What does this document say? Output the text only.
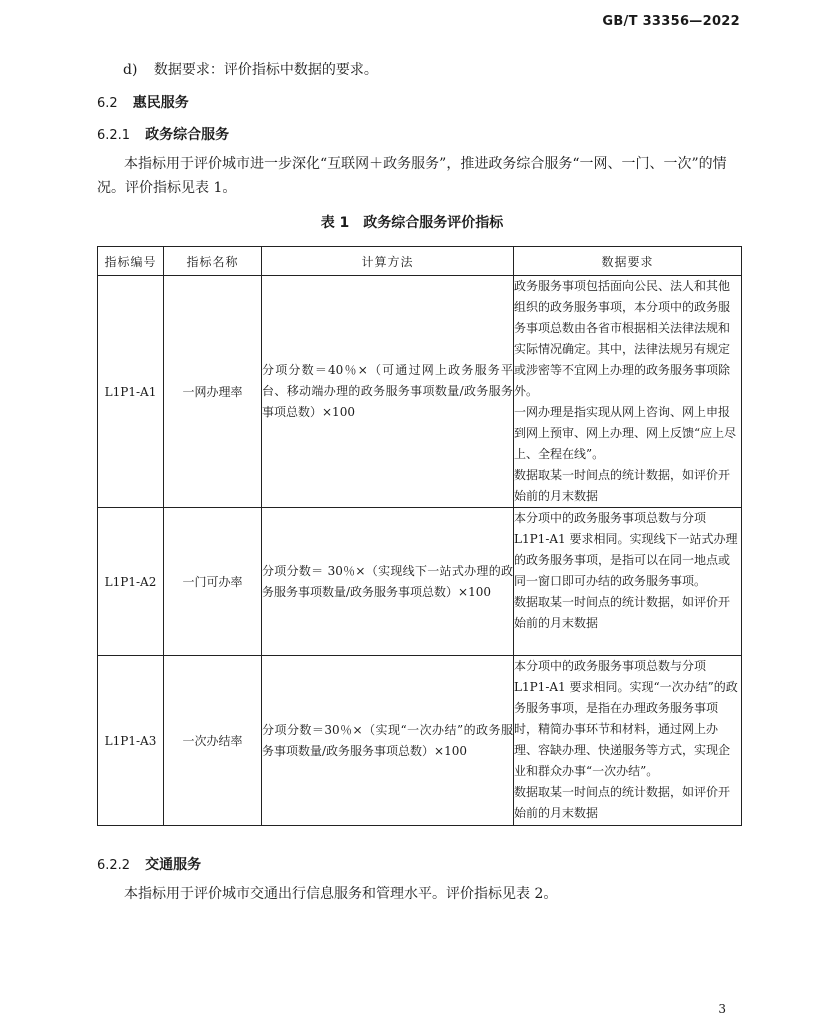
GB/T 33356—2022
d) 数据要求：评价指标中数据的要求。
6.2 惠民服务
6.2.1 政务综合服务
本指标用于评价城市进一步深化“互联网＋政务服务”，推进政务综合服务“一网、一门、一次”的情
况。评价指标见表 1。
表 1　政务综合服务评价指标
指标编号	指标名称	计算方法	数据要求
L1P1-A1	一网办理率	分项分数＝40％×（可通过网上政务服务平台、移动端办理的政务服务事项数量/政务服务事项总数）×100	政务服务事项包括面向公民、法人和其他组织的政务服务事项，本分项中的政务服务事项总数由各省市根据相关法律法规和实际情况确定。其中，法律法规另有规定或涉密等不宜网上办理的政务服务事项除外。

一网办理是指实现从网上咨询、网上申报到网上预审、网上办理、网上反馈“应上尽上、全程在线”。

数据取某一时间点的统计数据，如评价开始前的月末数据

L1P1-A2	一门可办率	分项分数＝ 30％×（实现线下一站式办理的政务服务事项数量/政务服务事项总数）×100	本分项中的政务服务事项总数与分项L1P1-A1 要求相同。实现线下一站式办理的政务服务事项，是指可以在同一地点或同一窗口即可办结的政务服务事项。

数据取某一时间点的统计数据，如评价开始前的月末数据

L1P1-A3	一次办结率	分项分数＝30％×（实现“一次办结”的政务服务事项数量/政务服务事项总数）×100	本分项中的政务服务事项总数与分项L1P1-A1 要求相同。实现“一次办结”的政务服务事项，是指在办理政务服务事项时，精简办事环节和材料，通过网上办理、容缺办理、快递服务等方式，实现企业和群众办事“一次办结”。

数据取某一时间点的统计数据，如评价开始前的月末数据

6.2.2 交通服务
本指标用于评价城市交通出行信息服务和管理水平。评价指标见表 2。
3
